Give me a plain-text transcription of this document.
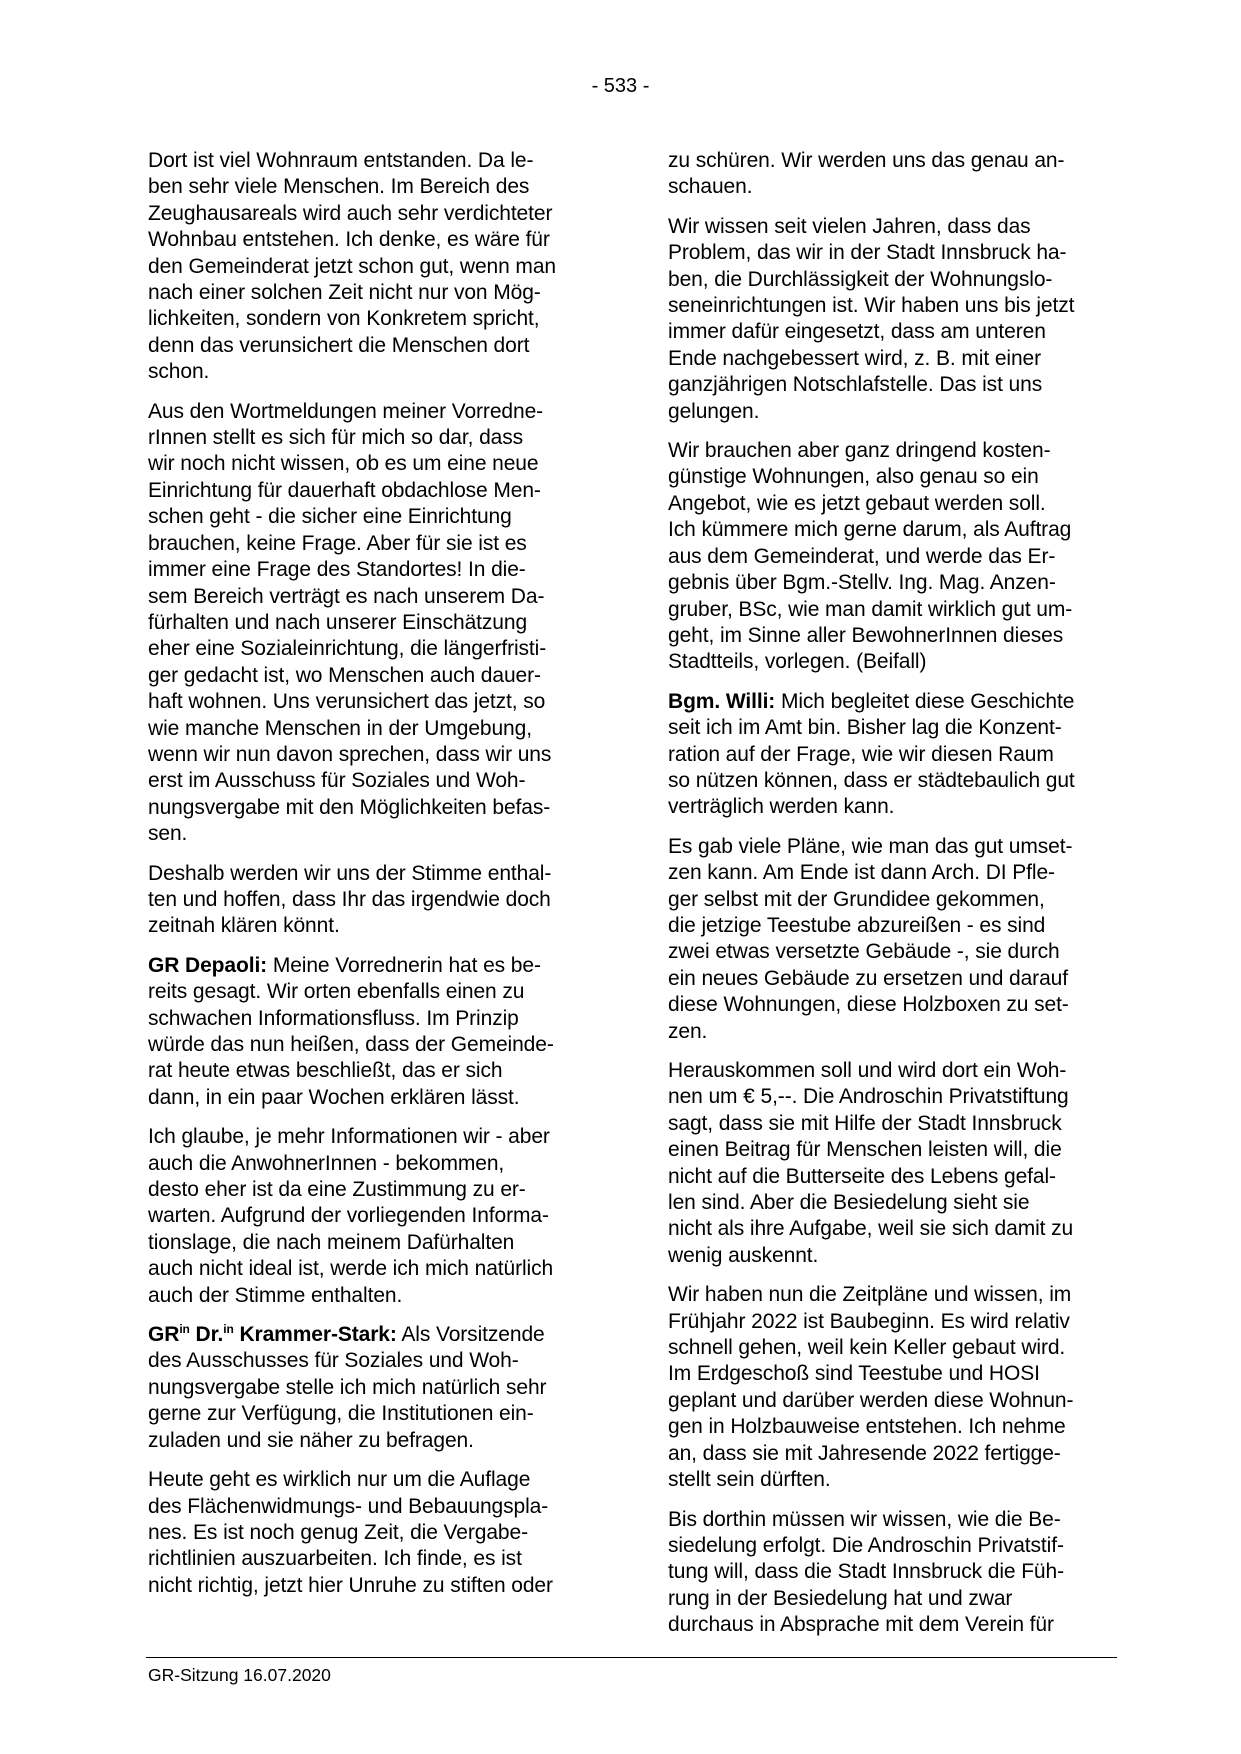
- 533 -

Dort ist viel Wohnraum entstanden. Da le-
ben sehr viele Menschen. Im Bereich des
Zeughausareals wird auch sehr verdichteter
Wohnbau entstehen. Ich denke, es wäre für
den Gemeinderat jetzt schon gut, wenn man
nach einer solchen Zeit nicht nur von Mög-
lichkeiten, sondern von Konkretem spricht,
denn das verunsichert die Menschen dort
schon.

Aus den Wortmeldungen meiner Vorredne-
rInnen stellt es sich für mich so dar, dass
wir noch nicht wissen, ob es um eine neue
Einrichtung für dauerhaft obdachlose Men-
schen geht - die sicher eine Einrichtung
brauchen, keine Frage. Aber für sie ist es
immer eine Frage des Standortes! In die-
sem Bereich verträgt es nach unserem Da-
fürhalten und nach unserer Einschätzung
eher eine Sozialeinrichtung, die längerfristi-
ger gedacht ist, wo Menschen auch dauer-
haft wohnen. Uns verunsichert das jetzt, so
wie manche Menschen in der Umgebung,
wenn wir nun davon sprechen, dass wir uns
erst im Ausschuss für Soziales und Woh-
nungsvergabe mit den Möglichkeiten befas-
sen.

Deshalb werden wir uns der Stimme enthal-
ten und hoffen, dass Ihr das irgendwie doch
zeitnah klären könnt.

GR Depaoli: Meine Vorrednerin hat es be-
reits gesagt. Wir orten ebenfalls einen zu
schwachen Informationsfluss. Im Prinzip
würde das nun heißen, dass der Gemeinde-
rat heute etwas beschließt, das er sich
dann, in ein paar Wochen erklären lässt.

Ich glaube, je mehr Informationen wir - aber
auch die AnwohnerInnen - bekommen,
desto eher ist da eine Zustimmung zu er-
warten. Aufgrund der vorliegenden Informa-
tionslage, die nach meinem Dafürhalten
auch nicht ideal ist, werde ich mich natürlich
auch der Stimme enthalten.

$GR^{in}$ Dr.$^{in}$ Krammer-Stark: Als Vorsitzende
des Ausschusses für Soziales und Woh-
nungsvergabe stelle ich mich natürlich sehr
gerne zur Verfügung, die Institutionen ein-
zuladen und sie näher zu befragen.

Heute geht es wirklich nur um die Auflage
des Flächenwidmungs- und Bebauungspla-
nes. Es ist noch genug Zeit, die Vergabe-
richtlinien auszuarbeiten. Ich finde, es ist
nicht richtig, jetzt hier Unruhe zu stiften oder

zu schüren. Wir werden uns das genau an-
schauen.

Wir wissen seit vielen Jahren, dass das
Problem, das wir in der Stadt Innsbruck ha-
ben, die Durchlässigkeit der Wohnungslo-
seneinrichtungen ist. Wir haben uns bis jetzt
immer dafür eingesetzt, dass am unteren
Ende nachgebessert wird, z. B. mit einer
ganzjährigen Notschlafstelle. Das ist uns
gelungen.

Wir brauchen aber ganz dringend kosten-
günstige Wohnungen, also genau so ein
Angebot, wie es jetzt gebaut werden soll.
Ich kümmere mich gerne darum, als Auftrag
aus dem Gemeinderat, und werde das Er-
gebnis über Bgm.-Stellv. Ing. Mag. Anzen-
gruber, BSc, wie man damit wirklich gut um-
geht, im Sinne aller BewohnerInnen dieses
Stadtteils, vorlegen. (Beifall)

Bgm. Willi: Mich begleitet diese Geschichte
seit ich im Amt bin. Bisher lag die Konzent-
ration auf der Frage, wie wir diesen Raum
so nützen können, dass er städtebaulich gut
verträglich werden kann.

Es gab viele Pläne, wie man das gut umset-
zen kann. Am Ende ist dann Arch. DI Pfle-
ger selbst mit der Grundidee gekommen,
die jetzige Teestube abzureißen - es sind
zwei etwas versetzte Gebäude -, sie durch
ein neues Gebäude zu ersetzen und darauf
diese Wohnungen, diese Holzboxen zu set-
zen.

Herauskommen soll und wird dort ein Woh-
nen um € 5,--. Die Androschin Privatstiftung
sagt, dass sie mit Hilfe der Stadt Innsbruck
einen Beitrag für Menschen leisten will, die
nicht auf die Butterseite des Lebens gefal-
len sind. Aber die Besiedelung sieht sie
nicht als ihre Aufgabe, weil sie sich damit zu
wenig auskennt.

Wir haben nun die Zeitpläne und wissen, im
Frühjahr 2022 ist Baubeginn. Es wird relativ
schnell gehen, weil kein Keller gebaut wird.
Im Erdgeschoß sind Teestube und HOSI
geplant und darüber werden diese Wohnun-
gen in Holzbauweise entstehen. Ich nehme
an, dass sie mit Jahresende 2022 fertigge-
stellt sein dürften.

Bis dorthin müssen wir wissen, wie die Be-
siedelung erfolgt. Die Androschin Privatstif-
tung will, dass die Stadt Innsbruck die Füh-
rung in der Besiedelung hat und zwar
durchaus in Absprache mit dem Verein für

GR-Sitzung 16.07.2020
